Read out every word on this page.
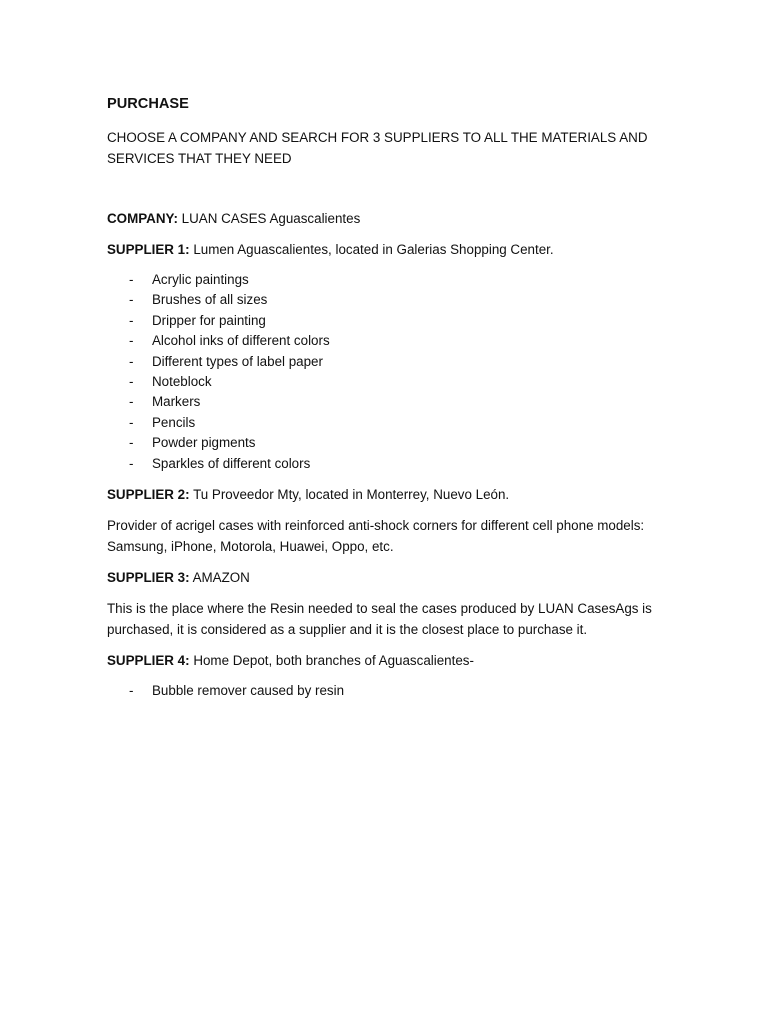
PURCHASE
CHOOSE A COMPANY AND SEARCH FOR 3 SUPPLIERS TO ALL THE MATERIALS AND SERVICES THAT THEY NEED
COMPANY: LUAN CASES Aguascalientes
SUPPLIER 1: Lumen Aguascalientes, located in Galerias Shopping Center.
- Acrylic paintings
- Brushes of all sizes
- Dripper for painting
- Alcohol inks of different colors
- Different types of label paper
- Noteblock
- Markers
- Pencils
- Powder pigments
- Sparkles of different colors
SUPPLIER 2: Tu Proveedor Mty, located in Monterrey, Nuevo León.
Provider of acrigel cases with reinforced anti-shock corners for different cell phone models: Samsung, iPhone, Motorola, Huawei, Oppo, etc.
SUPPLIER 3: AMAZON
This is the place where the Resin needed to seal the cases produced by LUAN CasesAgs is purchased, it is considered as a supplier and it is the closest place to purchase it.
SUPPLIER 4: Home Depot, both branches of Aguascalientes-
- Bubble remover caused by resin
